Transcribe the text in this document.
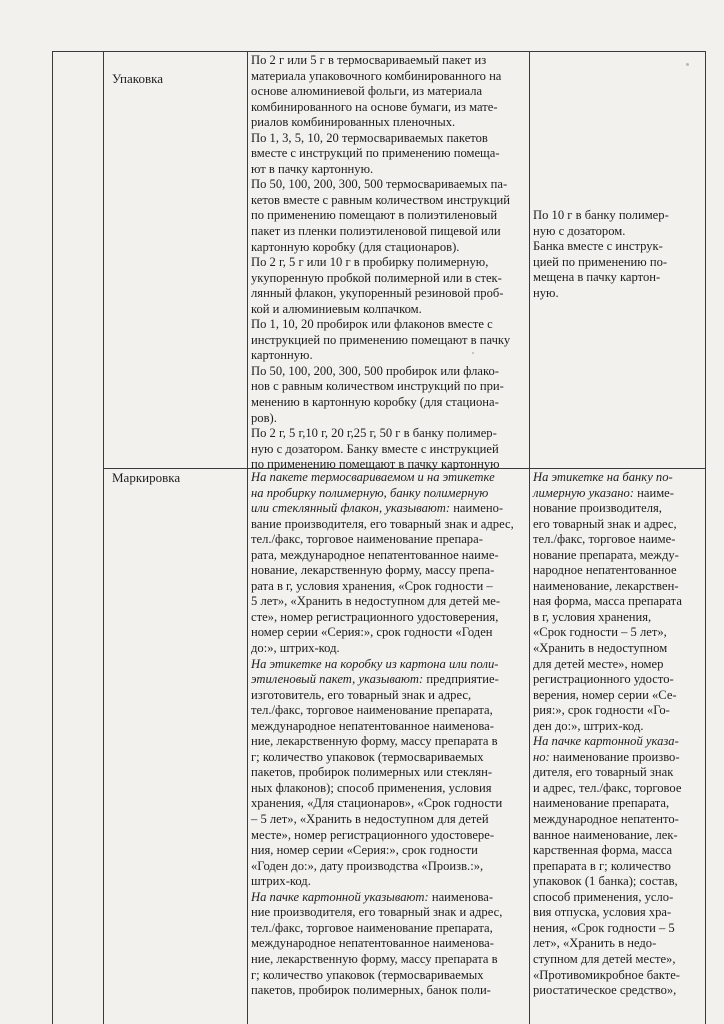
Упаковка
По 2 г или 5 г в термосвариваемый пакет из
материала упаковочного комбинированного на
основе алюминиевой фольги, из материала
комбинированного на основе бумаги, из мате-
риалов комбинированных пленочных.
По 1, 3, 5, 10, 20 термосвариваемых пакетов
вместе с инструкций по применению помеща-
ют в пачку картонную.
По 50, 100, 200, 300, 500 термосвариваемых па-
кетов вместе с равным количеством инструкций
по применению помещают в полиэтиленовый
пакет из пленки полиэтиленовой пищевой или
картонную коробку (для стационаров).
По 2 г, 5 г или 10 г в пробирку полимерную,
укупоренную пробкой полимерной или в стек-
лянный флакон, укупоренный резиновой проб-
кой и алюминиевым колпачком.
По 1, 10, 20 пробирок или флаконов вместе с
инструкцией по применению помещают в пачку
картонную.
По 50, 100, 200, 300, 500 пробирок или флако-
нов с равным количеством инструкций по при-
менению в картонную коробку (для стациона-
ров).
По 2 г, 5 г,10 г, 20 г,25 г, 50 г в банку полимер-
ную с дозатором. Банку вместе с инструкцией
по применению помещают в пачку картонную
По 10 г в банку полимер-
ную с дозатором.
Банка вместе с инструк-
цией по применению по-
мещена в пачку картон-
ную.
Маркировка	На пакете термосвариваемом и на этикетке
на пробирку полимерную, банку полимерную
или стеклянный флакон, указывают: наимено-
вание производителя, его товарный знак и адрес,
тел./факс, торговое наименование препара-
рата, международное непатентованное наиме-
нование, лекарственную форму, массу препа-
рата в г, условия хранения, «Срок годности –
5 лет», «Хранить в недоступном для детей ме-
сте», номер регистрационного удостоверения,
номер серии «Серия:», срок годности «Годен
до:», штрих-код.
На этикетке на коробку из картона или поли-
этиленовый пакет, указывают: предприятие-
изготовитель, его товарный знак и адрес,
тел./факс, торговое наименование препарата,
международное непатентованное наименова-
ние, лекарственную форму, массу препарата в
г; количество упаковок (термосвариваемых
пакетов, пробирок полимерных или стеклян-
ных флаконов); способ применения, условия
хранения, «Для стационаров», «Срок годности
– 5 лет», «Хранить в недоступном для детей
месте», номер регистрационного удостовере-
ния, номер серии «Серия:», срок годности
«Годен до:», дату производства «Произв.:»,
штрих-код.
На пачке картонной указывают: наименова-
ние производителя, его товарный знак и адрес,
тел./факс, торговое наименование препарата,
международное непатентованное наименова-
ние, лекарственную форму, массу препарата в
г; количество упаковок (термосвариваемых
пакетов, пробирок полимерных, банок поли-
На этикетке на банку по-
лимерную указано: наиме-
нование производителя,
его товарный знак и адрес,
тел./факс, торговое наиме-
нование препарата, между-
народное непатентованное
наименование, лекарствен-
ная форма, масса препарата
в г, условия хранения,
«Срок годности – 5 лет»,
«Хранить в недоступном
для детей месте», номер
регистрационного удосто-
верения, номер серии «Се-
рия:», срок годности «Го-
ден до:», штрих-код.
На пачке картонной указа-
но: наименование произво-
дителя, его товарный знак
и адрес, тел./факс, торговое
наименование препарата,
международное непатенто-
ванное наименование, лек-
карственная форма, масса
препарата в г; количество
упаковок (1 банка); состав,
способ применения, усло-
вия отпуска, условия хра-
нения, «Срок годности – 5
лет», «Хранить в недо-
ступном для детей месте»,
«Противомикробное бакте-
риостатическое средство»,
